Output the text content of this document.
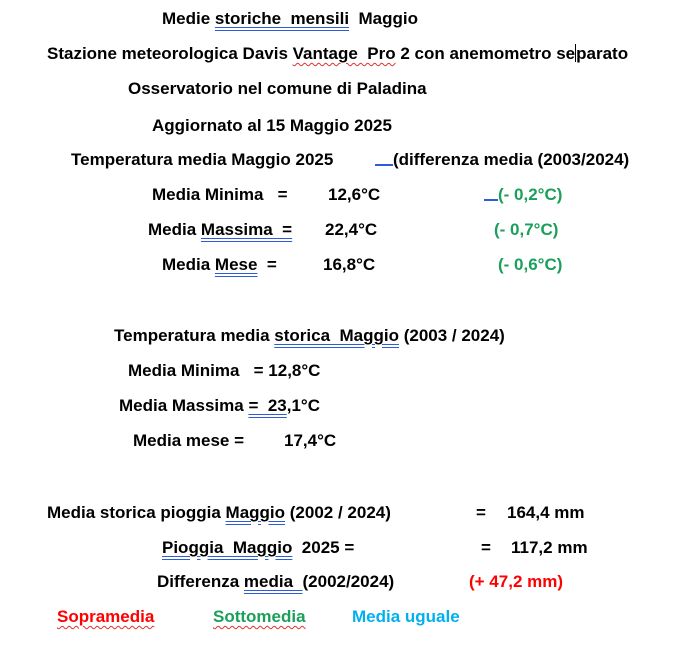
Medie storiche  mensili  Maggio
Stazione meteorologica Davis Vantage  Pro 2 con anemometro separato
Osservatorio nel comune di Paladina
Aggiornato al 15 Maggio 2025
Temperatura media Maggio 2025	(differenza media (2003/2024)
Media Minima   = 12,6°C	(- 0,2°C)
Media Massima  = 22,4°C	(- 0,7°C)
Media Mese  =	16,8°C	(- 0,6°C)
Temperatura media storica  Maggio (2003 / 2024)
Media Minima   = 12,8°C
Media Massima =  23,1°C
Media mese = 17,4°C
Media storica pioggia Maggio (2002 / 2024)	= 164,4 mm
Pioggia  Maggio  2025 =	= 117,2 mm
Differenza media  (2002/2024)	(+ 47,2 mm)
Sopramedia	Sottomedia	Media uguale
